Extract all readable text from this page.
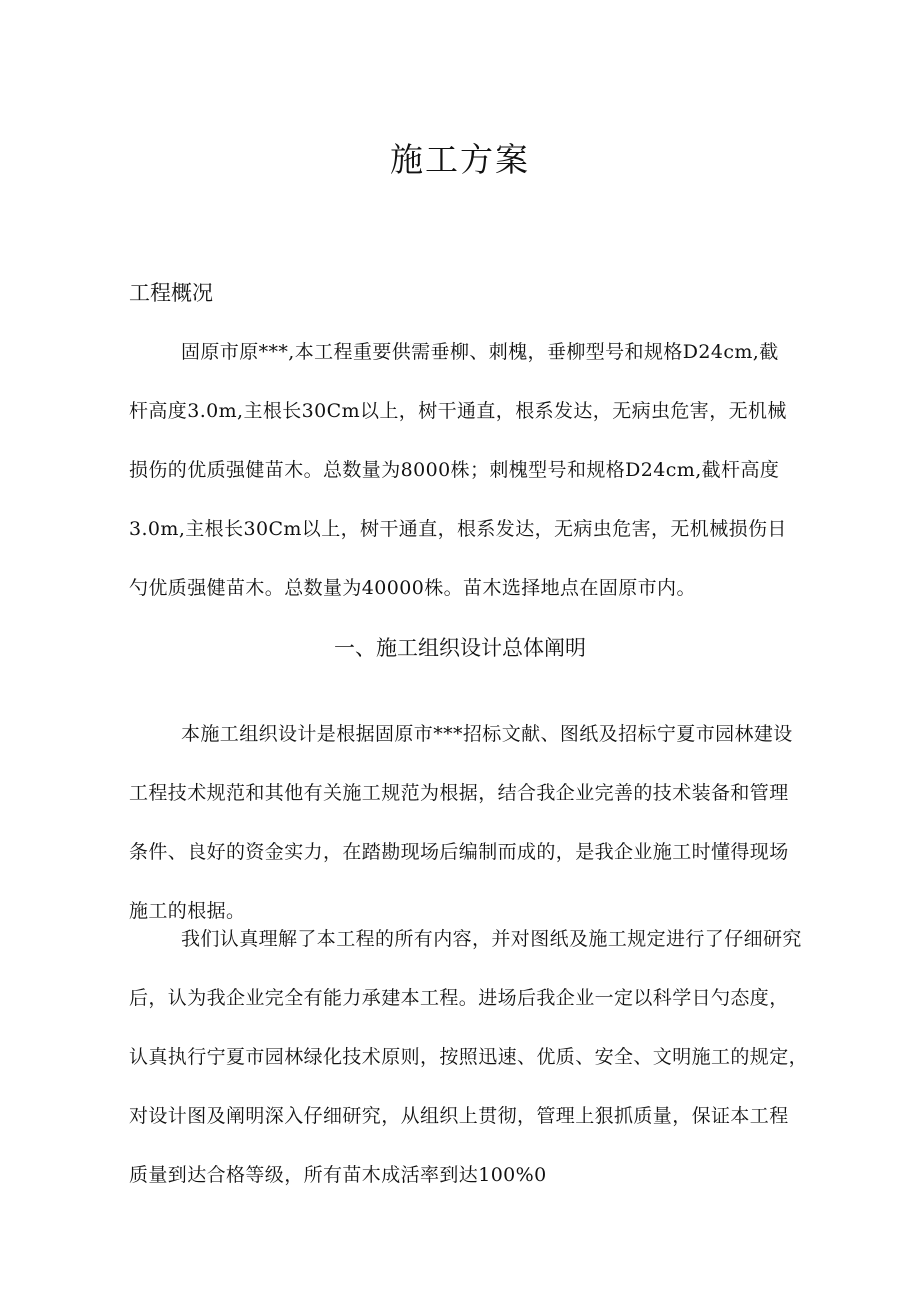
施工方案
工程概况
固原市原***,本工程重要供需垂柳、刺槐，垂柳型号和规格D24cm,截
杆高度3.0m,主根长30Cm以上，树干通直，根系发达，无病虫危害，无机械
损伤的优质强健苗木。总数量为8000株；刺槐型号和规格D24cm,截杆高度
3.0m,主根长30Cm以上，树干通直，根系发达，无病虫危害，无机械损伤日
勺优质强健苗木。总数量为40000株。苗木选择地点在固原市内。
一、施工组织设计总体阐明
本施工组织设计是根据固原市***招标文献、图纸及招标宁夏市园林建设
工程技术规范和其他有关施工规范为根据，结合我企业完善的技术装备和管理
条件、良好的资金实力，在踏勘现场后编制而成的，是我企业施工时懂得现场
施工的根据。
我们认真理解了本工程的所有内容，并对图纸及施工规定进行了仔细研究
后，认为我企业完全有能力承建本工程。进场后我企业一定以科学日勺态度，
认真执行宁夏市园林绿化技术原则，按照迅速、优质、安全、文明施工的规定，
对设计图及阐明深入仔细研究，从组织上贯彻，管理上狠抓质量，保证本工程
质量到达合格等级，所有苗木成活率到达100%0
